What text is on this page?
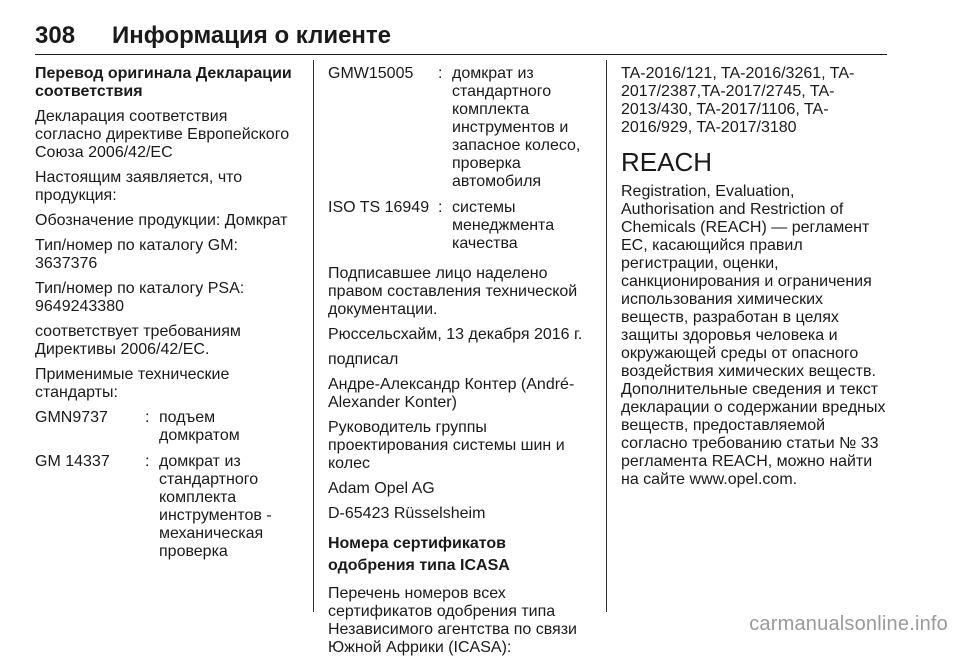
308 Информация о клиенте

Перевод оригинала Декларации соответствия

Декларация соответствия согласно директиве Европейского Союза 2006/42/EC

Настоящим заявляется, что продукция:

Обозначение продукции: Домкрат

Тип/номер по каталогу GM:
3637376

Тип/номер по каталогу PSA:
9649243380

соответствует требованиям Директивы 2006/42/EC.

Применимые технические стандарты:

GMN9737	: подъем домкратом
GM 14337	: домкрат из стандартного комплекта инструментов - механическая проверка
GMW15005	: домкрат из стандартного комплекта инструментов и запасное колесо, проверка автомобиля
ISO TS 16949 : системы менеджмента качества

Подписавшее лицо наделено правом составления технической документации.

Рюссельсхайм, 13 декабря 2016 г.

подписал

Андре-Александр Контер (André-Alexander Konter)

Руководитель группы проектирования системы шин и колес

Adam Opel AG

D-65423 Rüsselsheim

Номера сертификатов одобрения типа ICASA

Перечень номеров всех сертификатов одобрения типа Независимого агентства по связи Южной Африки (ICASA):

TA-2016/121, TA-2016/3261, TA-2017/2387,TA-2017/2745, TA-2013/430, TA-2017/1106, TA-2016/929, TA-2017/3180

REACH

Registration, Evaluation, Authorisation and Restriction of Chemicals (REACH) — регламент ЕС, касающийся правил регистрации, оценки, санкционирования и ограничения использования химических веществ, разработан в целях защиты здоровья человека и окружающей среды от опасного воздействия химических веществ. Дополнительные сведения и текст декларации о содержании вредных веществ, предоставляемой согласно требованию статьи № 33 регламента REACH, можно найти на сайте www.opel.com.

carmanualsonline.info
